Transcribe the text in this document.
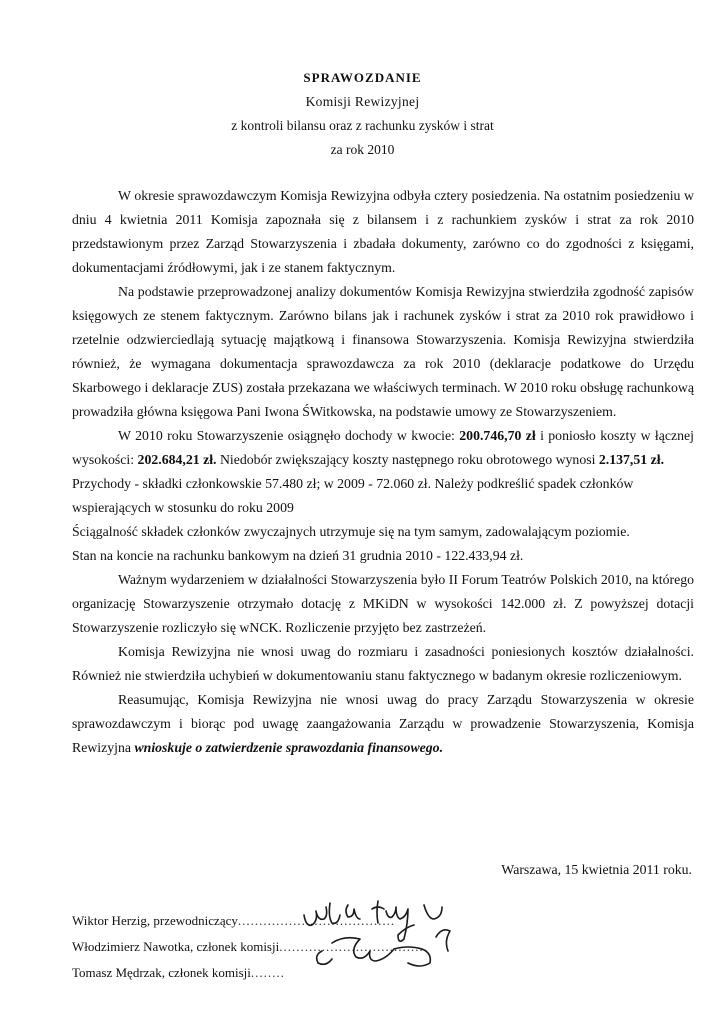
SPRAWOZDANIE
Komisji Rewizyjnej
z kontroli bilansu oraz z rachunku zysków i strat
za rok 2010

W okresie sprawozdawczym Komisja Rewizyjna odbyła cztery posiedzenia. Na ostatnim posiedzeniu w dniu 4 kwietnia 2011 Komisja zapoznała się z bilansem i z rachunkiem zysków i strat za rok 2010 przedstawionym przez Zarząd Stowarzyszenia i zbadała dokumenty, zarówno co do zgodności z księgami, dokumentacjami źródłowymi, jak i ze stanem faktycznym.

Na podstawie przeprowadzonej analizy dokumentów Komisja Rewizyjna stwierdziła zgodność zapisów księgowych ze stenem faktycznym. Zarówno bilans jak i rachunek zysków i strat za 2010 rok prawidłowo i rzetelnie odzwierciedlają sytuację majątkową i finansowa Stowarzyszenia. Komisja Rewizyjna stwierdziła również, że wymagana dokumentacja sprawozdawcza za rok 2010 (deklaracje podatkowe do Urzędu Skarbowego i deklaracje ZUS) została przekazana we właściwych terminach. W 2010 roku obsługę rachunkową prowadziła główna księgowa Pani Iwona ŚWitkowska, na podstawie umowy ze Stowarzyszeniem.

W 2010 roku Stowarzyszenie osiągnęło dochody w kwocie: 200.746,70 zł i poniosło koszty w łącznej wysokości: 202.684,21 zł. Niedobór zwiększający koszty następnego roku obrotowego wynosi 2.137,51 zł.

Przychody - składki członkowskie 57.480 zł; w 2009 - 72.060 zł. Należy podkreślić spadek członków

wspierających w stosunku do roku 2009

Ściągalność składek członków zwyczajnych utrzymuje się na tym samym, zadowalającym poziomie.

Stan na koncie na rachunku bankowym na dzień 31 grudnia 2010 - 122.433,94 zł.

Ważnym wydarzeniem w działalności Stowarzyszenia było II Forum Teatrów Polskich 2010, na którego organizację Stowarzyszenie otrzymało dotację z MKiDN w wysokości 142.000 zł. Z powyższej dotacji Stowarzyszenie rozliczyło się wNCK. Rozliczenie przyjęto bez zastrzeżeń.

Komisja Rewizyjna nie wnosi uwag do rozmiaru i zasadności poniesionych kosztów działalności. Również nie stwierdziła uchybień w dokumentowaniu stanu faktycznego w badanym okresie rozliczeniowym.

Reasumując, Komisja Rewizyjna nie wnosi uwag do pracy Zarządu Stowarzyszenia w okresie sprawozdawczym i biorąc pod uwagę zaangażowania Zarządu w prowadzenie Stowarzyszenia, Komisja Rewizyjna wnioskuje o zatwierdzenie sprawozdania finansowego.

Warszawa, 15 kwietnia 2011 roku.
Wiktor Herzig, przewodniczący.....................................
Włodzimierz Nawotka, członek komisji...................................
Tomasz Mędrzak, członek komisji........
